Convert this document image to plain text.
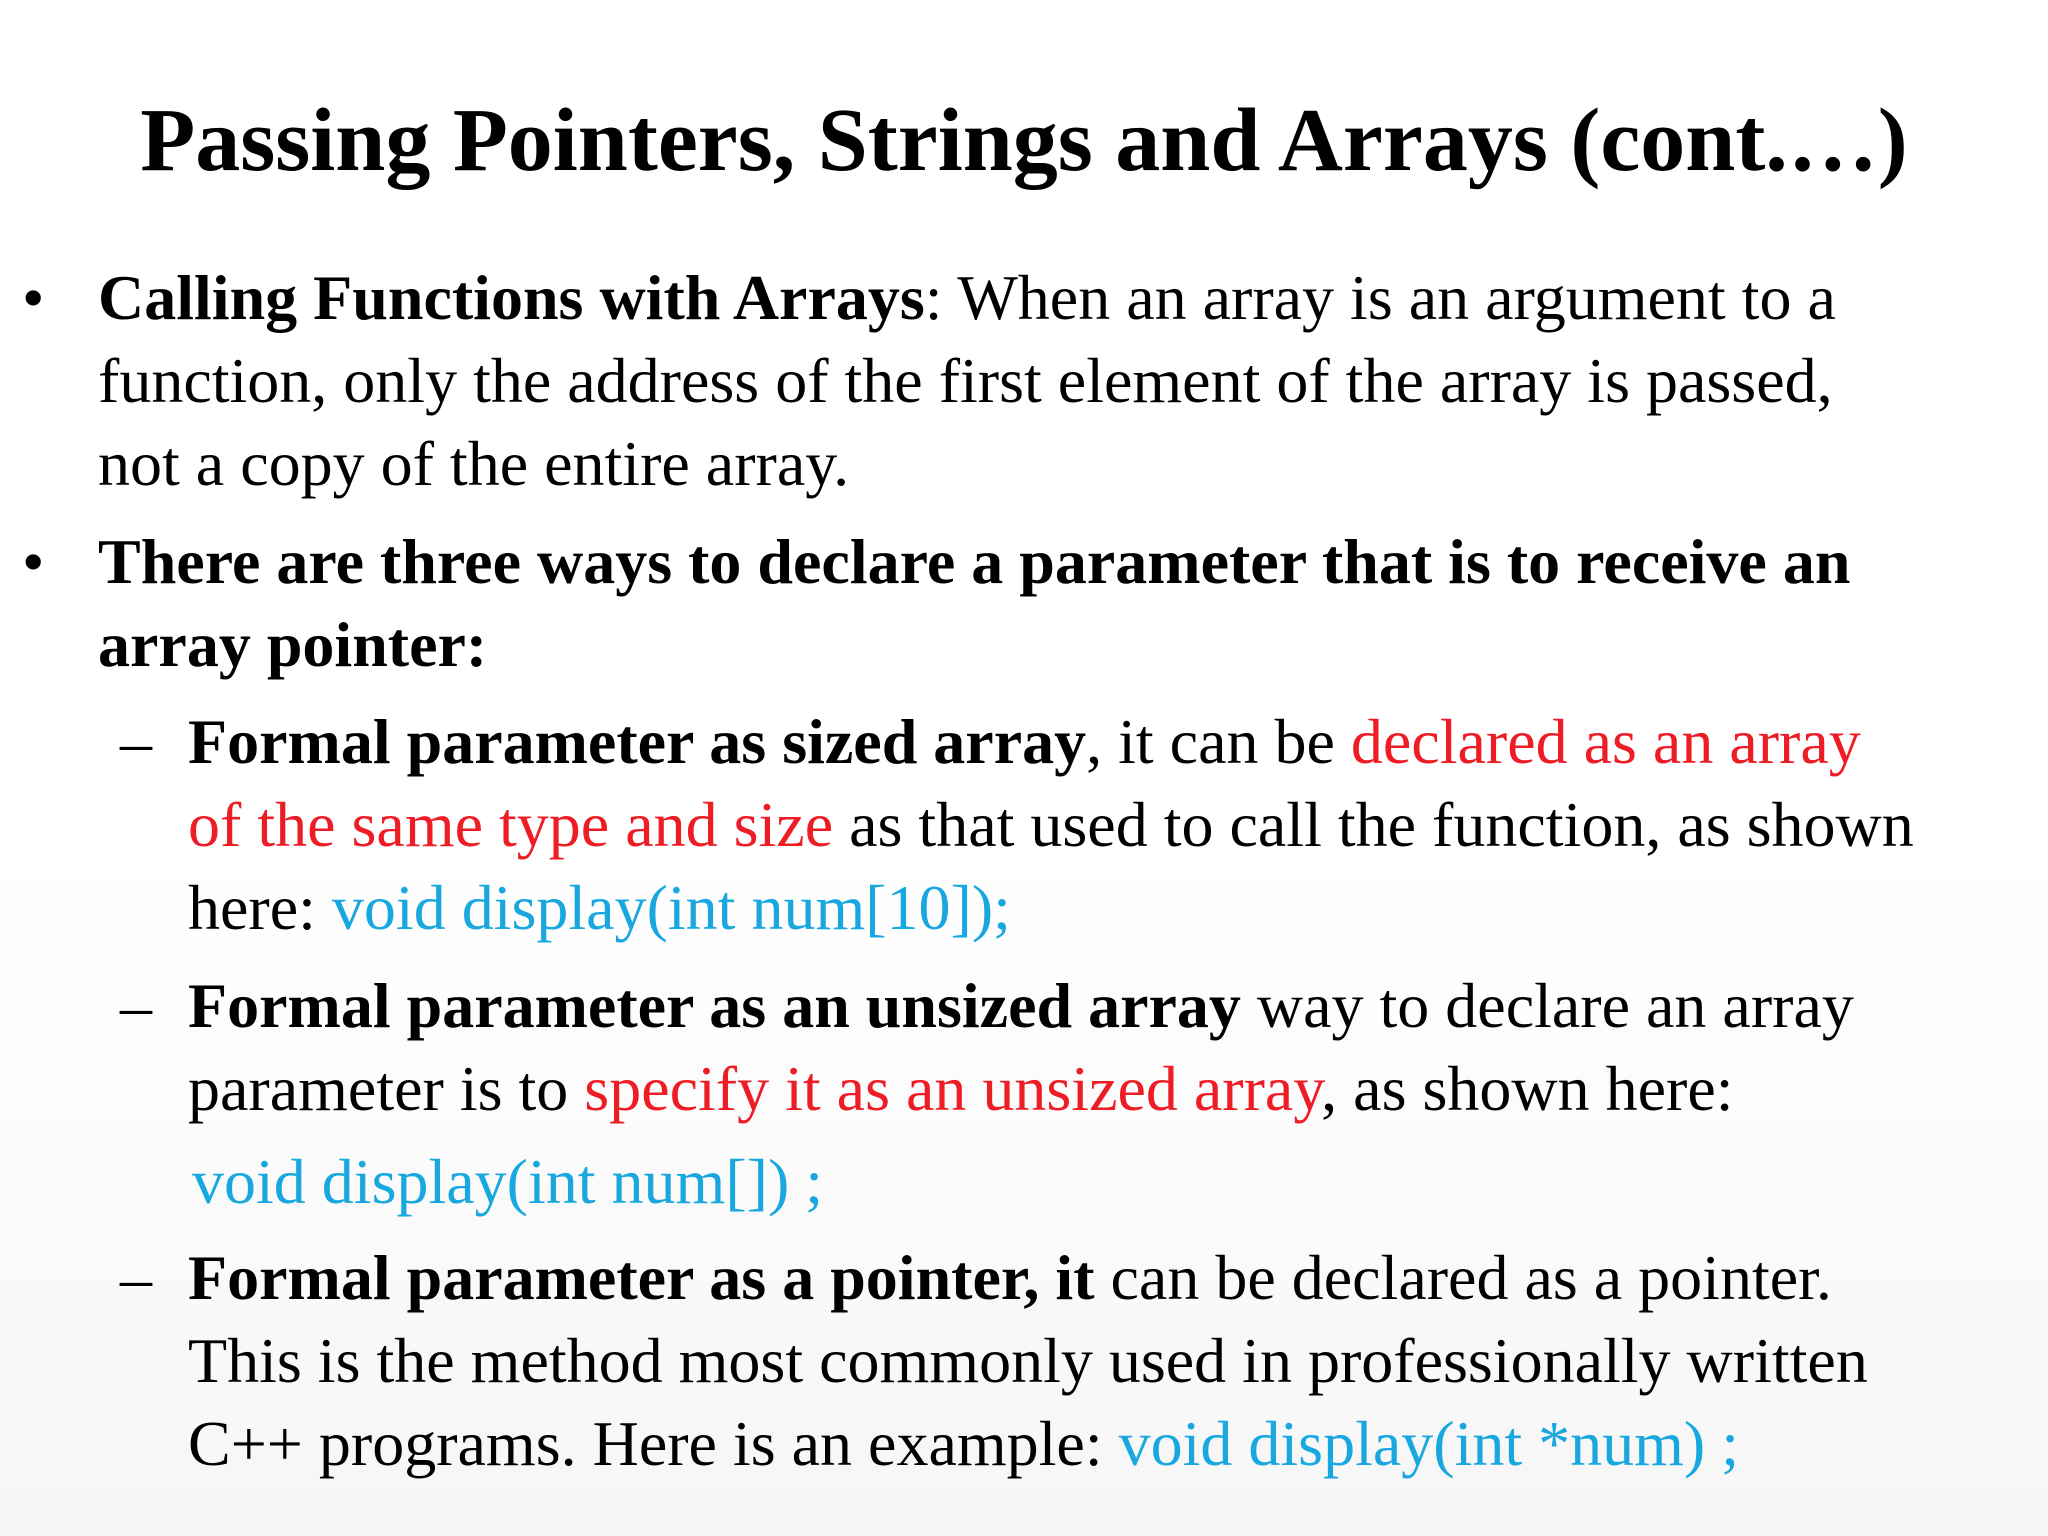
Passing Pointers, Strings and Arrays (cont.…)
• Calling Functions with Arrays: When an array is an argument to a
function, only the address of the first element of the array is passed,
not a copy of the entire array.
• There are three ways to declare a parameter that is to receive an
array pointer:
– Formal parameter as sized array, it can be declared as an array
of the same type and size as that used to call the function, as shown
here: void display(int num[10]);
– Formal parameter as an unsized array way to declare an array
parameter is to specify it as an unsized array, as shown here:
void display(int num[]) ;
– Formal parameter as a pointer, it can be declared as a pointer.
This is the method most commonly used in professionally written
C++ programs. Here is an example: void display(int *num) ;
